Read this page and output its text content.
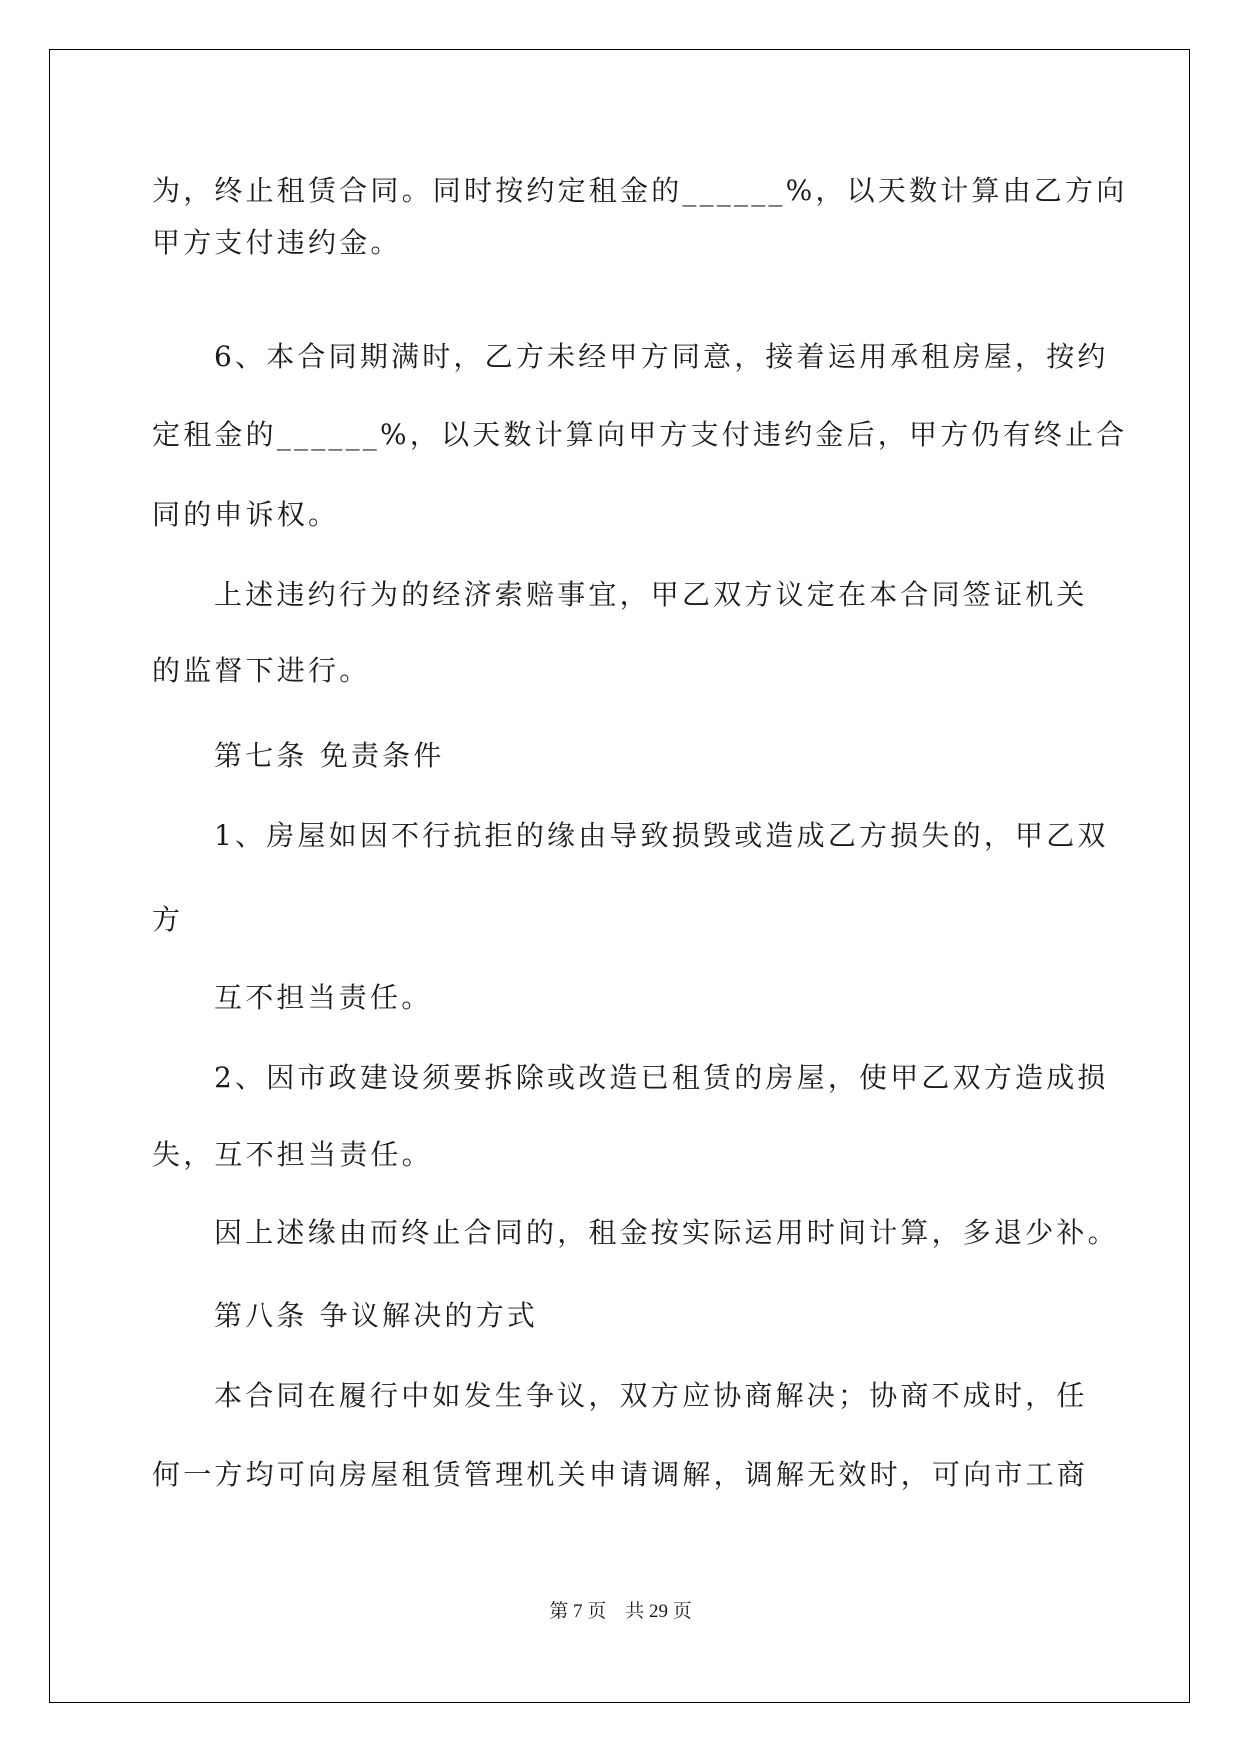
为，终止租赁合同。同时按约定租金的______%，以天数计算由乙方向
甲方支付违约金。
6、本合同期满时，乙方未经甲方同意，接着运用承租房屋，按约
定租金的______%，以天数计算向甲方支付违约金后，甲方仍有终止合
同的申诉权。
上述违约行为的经济索赔事宜，甲乙双方议定在本合同签证机关
的监督下进行。
第七条 免责条件
1、房屋如因不行抗拒的缘由导致损毁或造成乙方损失的，甲乙双
方
互不担当责任。
2、因市政建设须要拆除或改造已租赁的房屋，使甲乙双方造成损
失，互不担当责任。
因上述缘由而终止合同的，租金按实际运用时间计算，多退少补。
第八条 争议解决的方式
本合同在履行中如发生争议，双方应协商解决；协商不成时，任
何一方均可向房屋租赁管理机关申请调解，调解无效时，可向市工商
第 7 页　共 29 页
